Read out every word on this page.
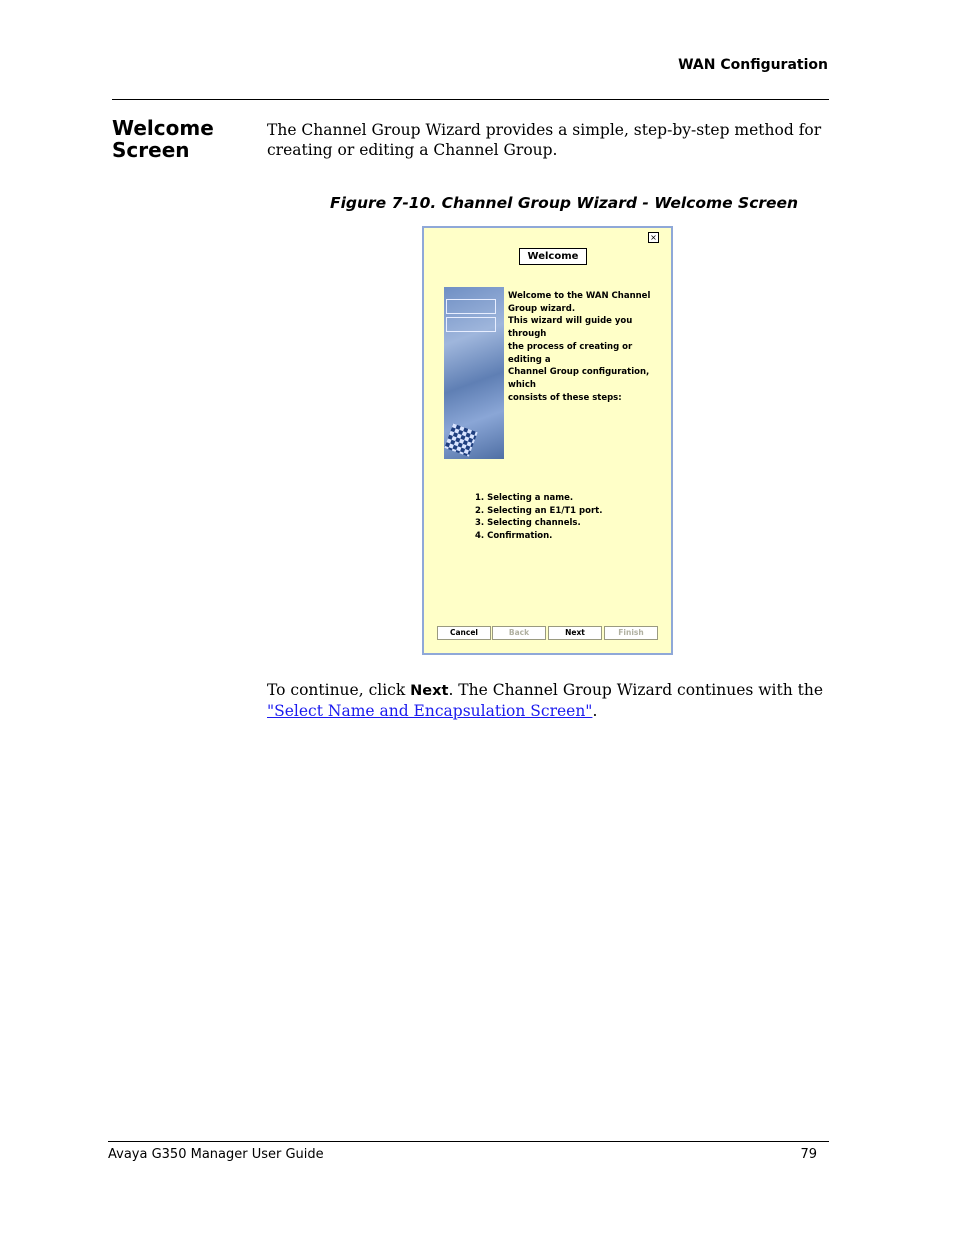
WAN Configuration
Welcome
Screen
The Channel Group Wizard provides a simple, step-by-step method for creating or editing a Channel Group.
Figure 7-10. Channel Group Wizard - Welcome Screen
×
Welcome
Welcome to the WAN Channel
Group wizard.
This wizard will guide you through
the process of creating or editing a
Channel Group configuration, which
consists of these steps:
1. Selecting a name.
2. Selecting an E1/T1 port.
3. Selecting channels.
4. Confirmation.
Cancel	Back	Next	Finish
To continue, click Next. The Channel Group Wizard continues with the "Select Name and Encapsulation Screen".
Avaya G350 Manager User Guide	79
